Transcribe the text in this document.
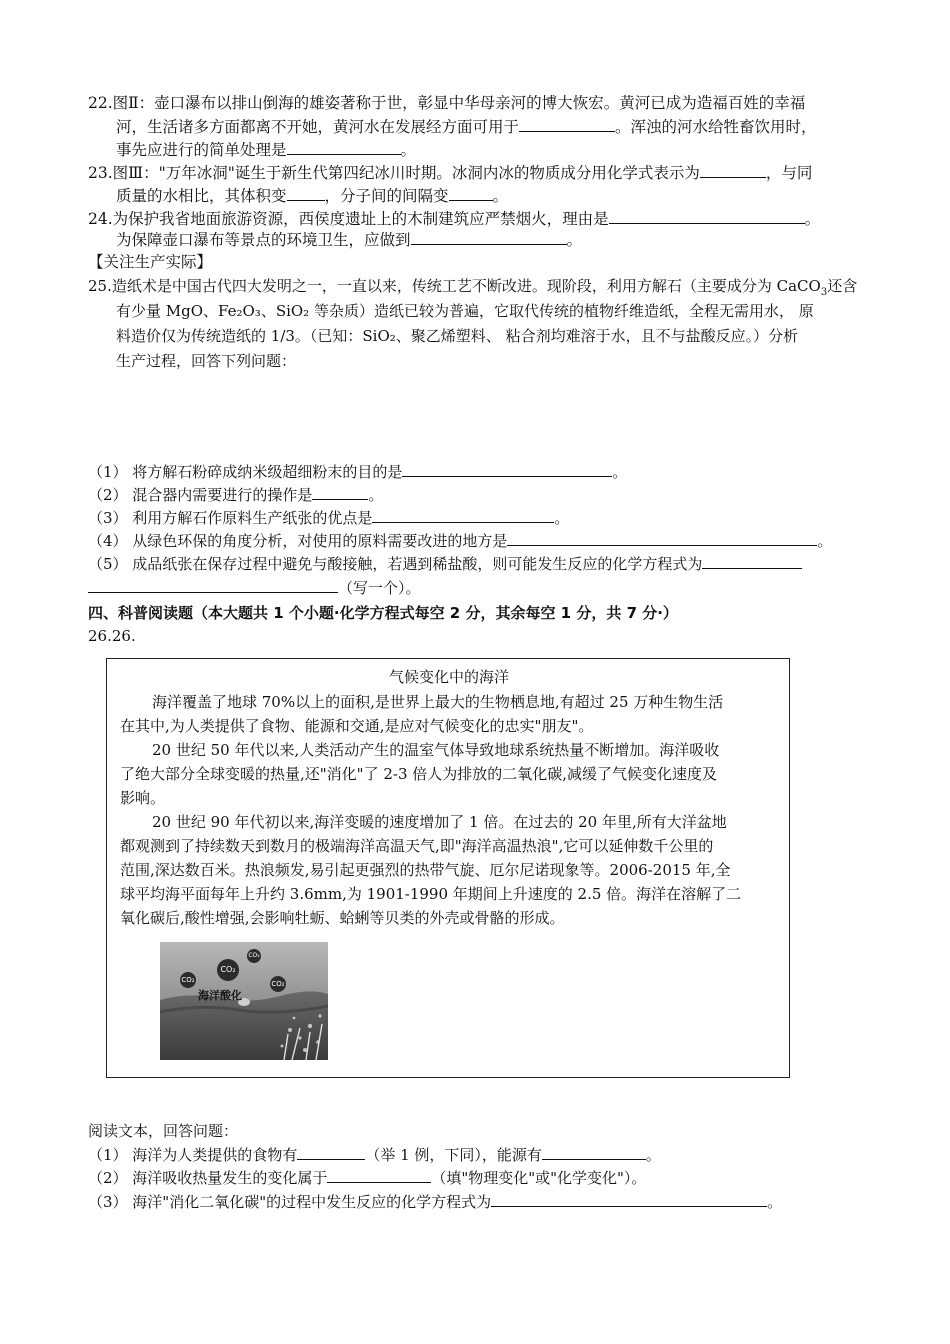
22.图Ⅱ：壶口瀑布以排山倒海的雄姿著称于世，彰显中华母亲河的博大恢宏。黄河已成为造福百姓的幸福
河，生活诸多方面都离不开她，黄河水在发展经方面可用于	。浑浊的河水给牲畜饮用时，
事先应进行的简单处理是	。
23.图Ⅲ："万年冰洞"诞生于新生代第四纪冰川时期。冰洞内冰的物质成分用化学式表示为	，与同
质量的水相比，其体积变 ，分子间的间隔变	。
24.为保护我省地面旅游资源，西侯度遗址上的木制建筑应严禁烟火，理由是	。
为保障壶口瀑布等景点的环境卫生，应做到	。
【关注生产实际】
25.造纸术是中国古代四大发明之一，一直以来，传统工艺不断改进。现阶段，利用方解石（主要成分为 CaCO$_3$还含
有少量 MgO、Fe₂O₃、SiO₂ 等杂质）造纸已较为普遍，它取代传统的植物纤维造纸，全程无需用水， 原
料造价仅为传统造纸的 1/3。（已知：SiO₂、聚乙烯塑料、 粘合剂均难溶于水，且不与盐酸反应。）分析
生产过程，回答下列问题：
（1） 将方解石粉碎成纳米级超细粉末的目的是	。
（2） 混合器内需要进行的操作是	。
（3） 利用方解石作原料生产纸张的优点是	。
（4） 从绿色环保的角度分析，对使用的原料需要改进的地方是	。
（5） 成品纸张在保存过程中避免与酸接触，若遇到稀盐酸，则可能发生反应的化学方程式为
（写一个）。
四、科普阅读题（本大题共 1 个小题·化学方程式每空 2 分，其余每空 1 分，共 7 分·）
26.26.
气候变化中的海洋
海洋覆盖了地球 70%以上的面积,是世界上最大的生物栖息地,有超过 25 万种生物生活
在其中,为人类提供了食物、能源和交通,是应对气候变化的忠实"朋友"。
20 世纪 50 年代以来,人类活动产生的温室气体导致地球系统热量不断增加。海洋吸收
了绝大部分全球变暖的热量,还"消化"了 2-3 倍人为排放的二氧化碳,减缓了气候变化速度及
影响。
20 世纪 90 年代初以来,海洋变暖的速度增加了 1 倍。在过去的 20 年里,所有大洋盆地
都观测到了持续数天到数月的极端海洋高温天气,即"海洋高温热浪",它可以延伸数千公里的
范围,深达数百米。热浪频发,易引起更强烈的热带气旋、厄尔尼诺现象等。2006-2015 年,全
球平均海平面每年上升约 3.6mm,为 1901-1990 年期间上升速度的 2.5 倍。海洋在溶解了二
氧化碳后,酸性增强,会影响牡蛎、蛤蜊等贝类的外壳或骨骼的形成。
CO₂
CO₂	CO₂
CO₂
海洋酸化
阅读文本，回答问题：
（1） 海洋为人类提供的食物有	（举 1 例，下同），能源有	。
（2） 海洋吸收热量发生的变化属于	（填"物理变化"或"化学变化"）。
（3） 海洋"消化二氧化碳"的过程中发生反应的化学方程式为	。
